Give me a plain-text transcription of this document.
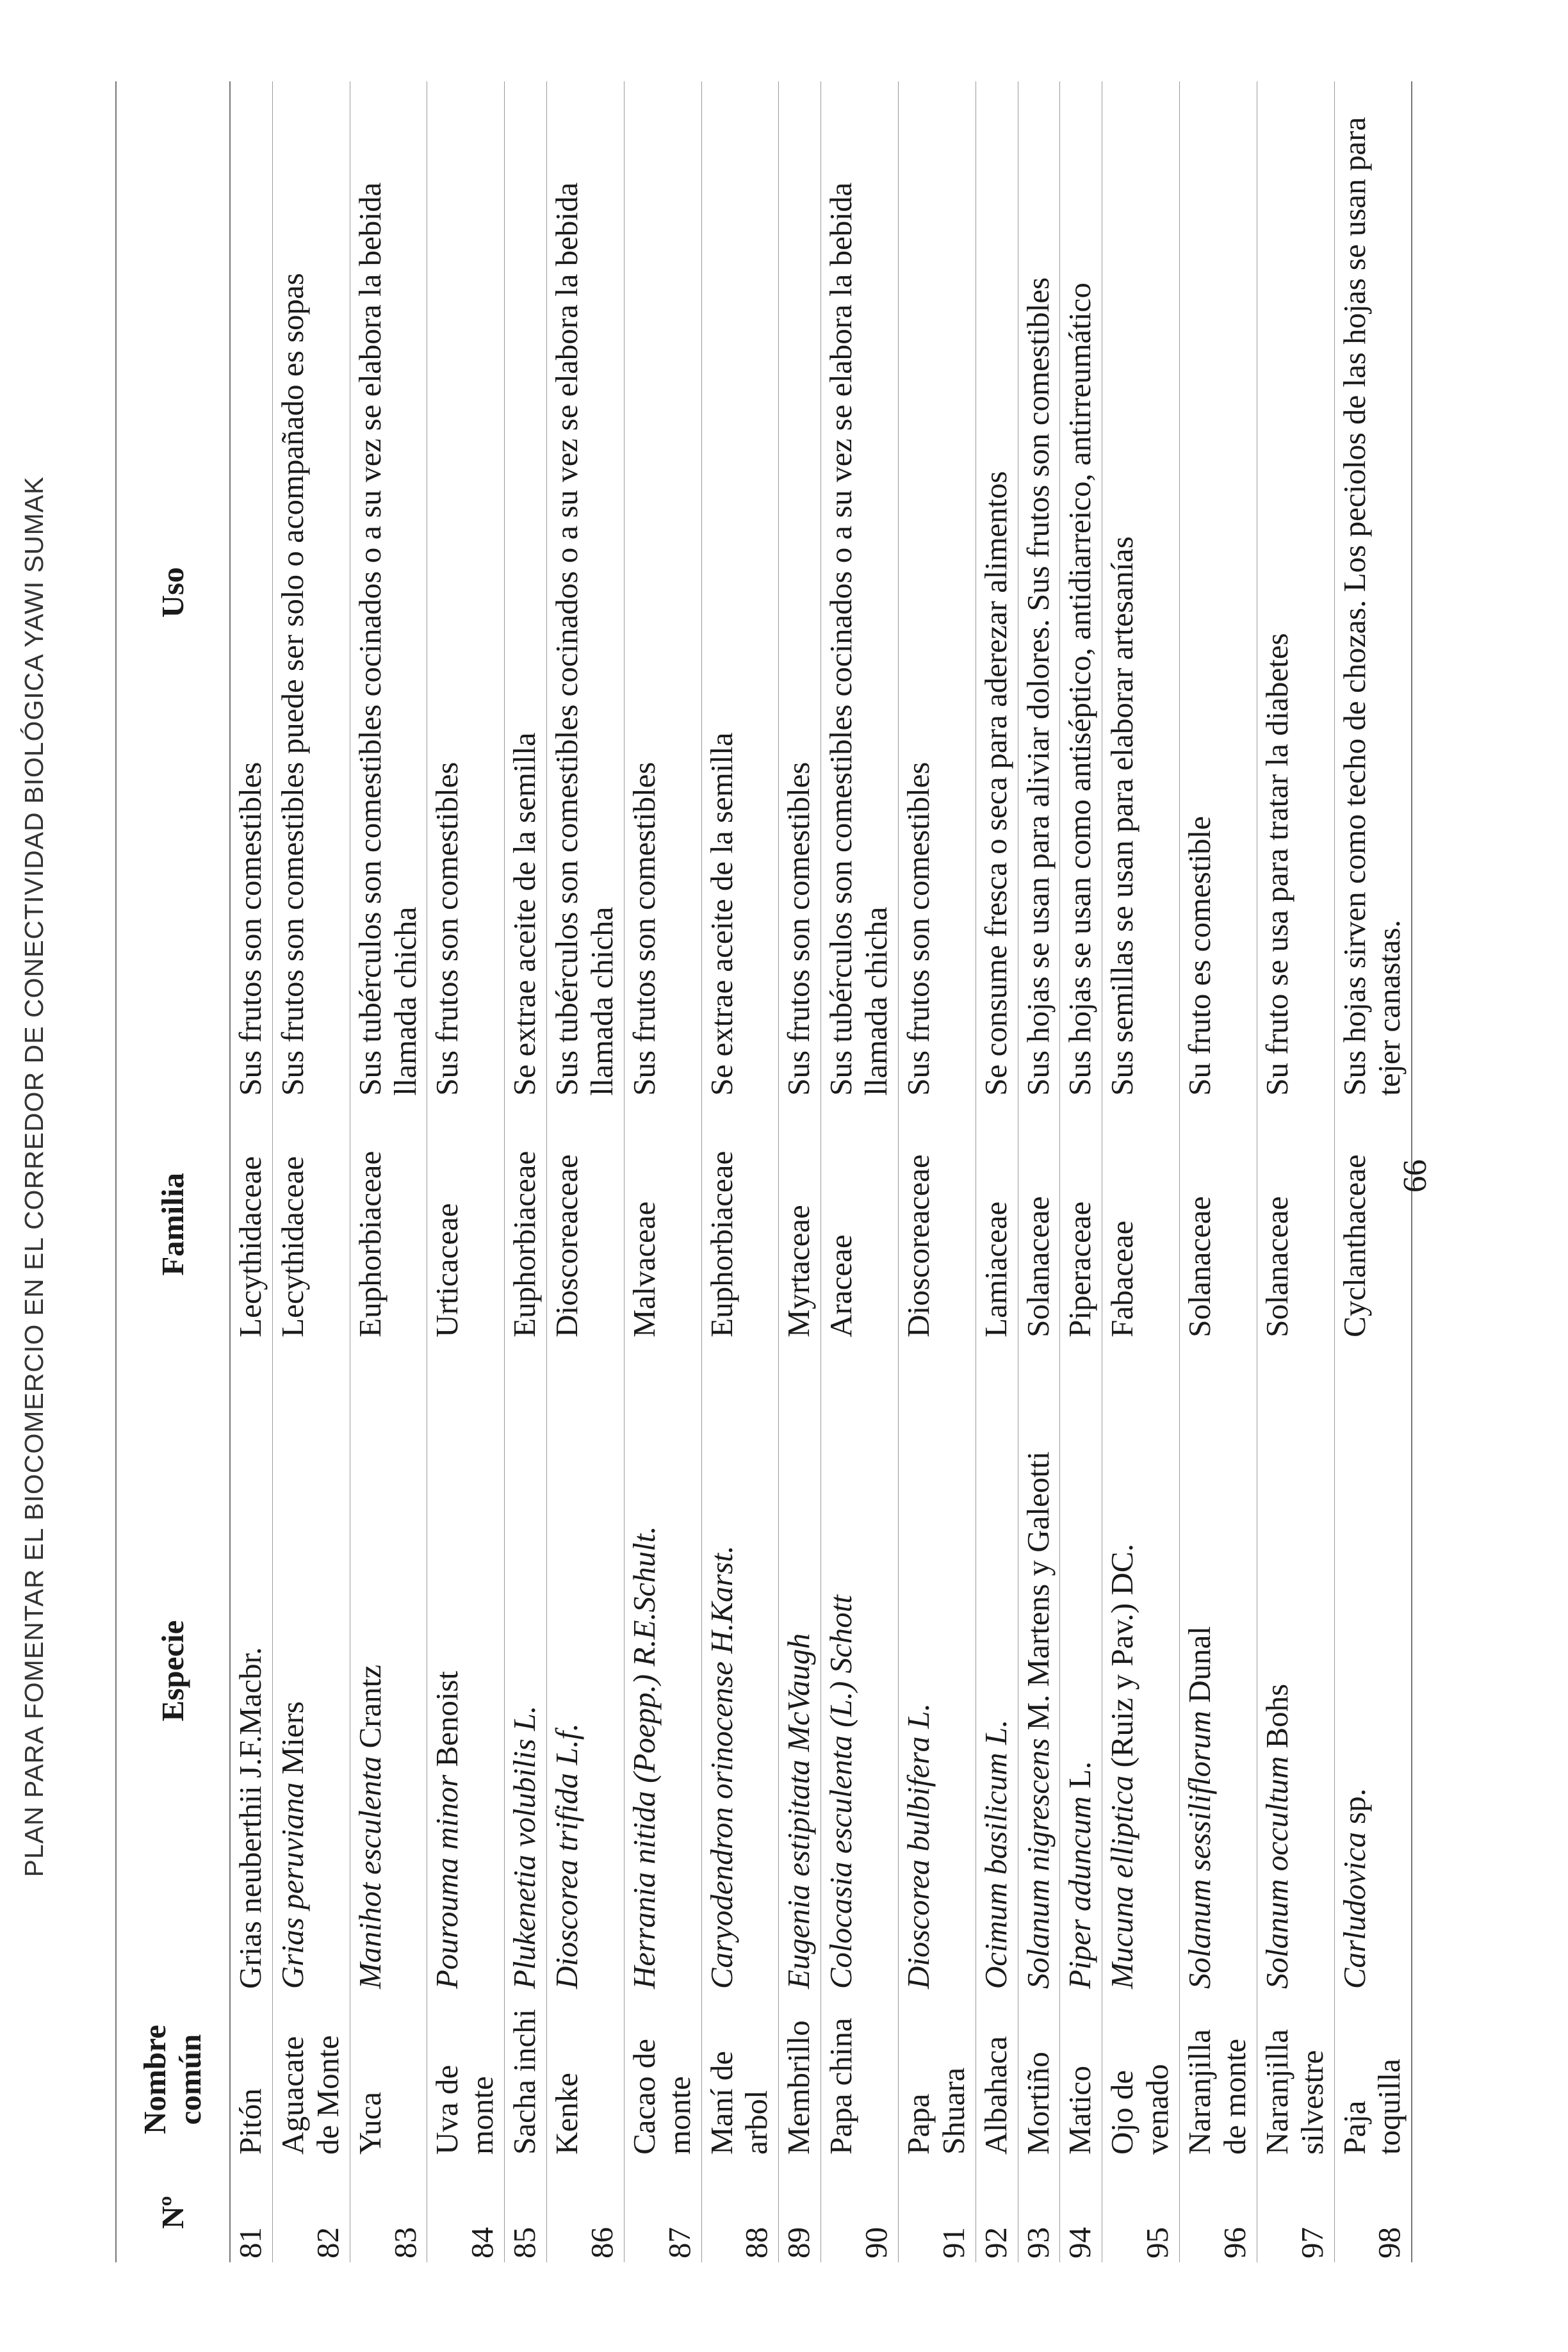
PLAN PARA FOMENTAR EL BIOCOMERCIO EN EL CORREDOR DE CONECTIVIDAD BIOLÓGICA YAWI SUMAK
Nº	Nombre común	Especie	Familia	Uso
81	Pitón	Grias neuberthii J.F.Macbr.	Lecythidaceae	Sus frutos son comestibles
82	Aguacate de Monte	Grias peruviana Miers	Lecythidaceae	Sus frutos son comestibles puede ser solo o acompañado es sopas
83	Yuca	Manihot esculenta Crantz	Euphorbiaceae	Sus tubérculos son comestibles cocinados o a su vez se elabora la bebida llamada chicha
84	Uva de monte	Pourouma minor Benoist	Urticaceae	Sus frutos son comestibles
85	Sacha inchi	Plukenetia volubilis L.	Euphorbiaceae	Se extrae aceite de la semilla
86	Kenke	Dioscorea trifida L.f.	Dioscoreaceae	Sus tubérculos son comestibles cocinados o a su vez se elabora la bebida llamada chicha
87	Cacao de monte	Herrania nitida (Poepp.) R.E.Schult.	Malvaceae	Sus frutos son comestibles
88	Maní de arbol	Caryodendron orinocense H.Karst.	Euphorbiaceae	Se extrae aceite de la semilla
89	Membrillo	Eugenia estipitata McVaugh	Myrtaceae	Sus frutos son comestibles
90	Papa china	Colocasia esculenta (L.) Schott	Araceae	Sus tubérculos son comestibles cocinados o a su vez se elabora la bebida llamada chicha
91	Papa Shuara	Dioscorea bulbifera L.	Dioscoreaceae	Sus frutos son comestibles
92	Albahaca	Ocimum basilicum L.	Lamiaceae	Se consume fresca o seca para aderezar alimentos
93	Mortiño	Solanum nigrescens M. Martens y Galeotti	Solanaceae	Sus hojas se usan para aliviar dolores. Sus frutos son comestibles
94	Matico	Piper aduncum L.	Piperaceae	Sus hojas se usan como antiséptico, antidiarreico, antirreumático
95	Ojo de venado	Mucuna elliptica (Ruiz y Pav.) DC.	Fabaceae	Sus semillas se usan para elaborar artesanías
96	Naranjilla de monte	Solanum sessiliflorum Dunal	Solanaceae	Su fruto es comestible
97	Naranjilla silvestre	Solanum occultum Bohs	Solanaceae	Su fruto se usa para tratar la diabetes
98	Paja toquilla	Carludovica sp.	Cyclanthaceae	Sus hojas sirven como techo de chozas. Los peciolos de las hojas se usan para tejer canastas.
66
